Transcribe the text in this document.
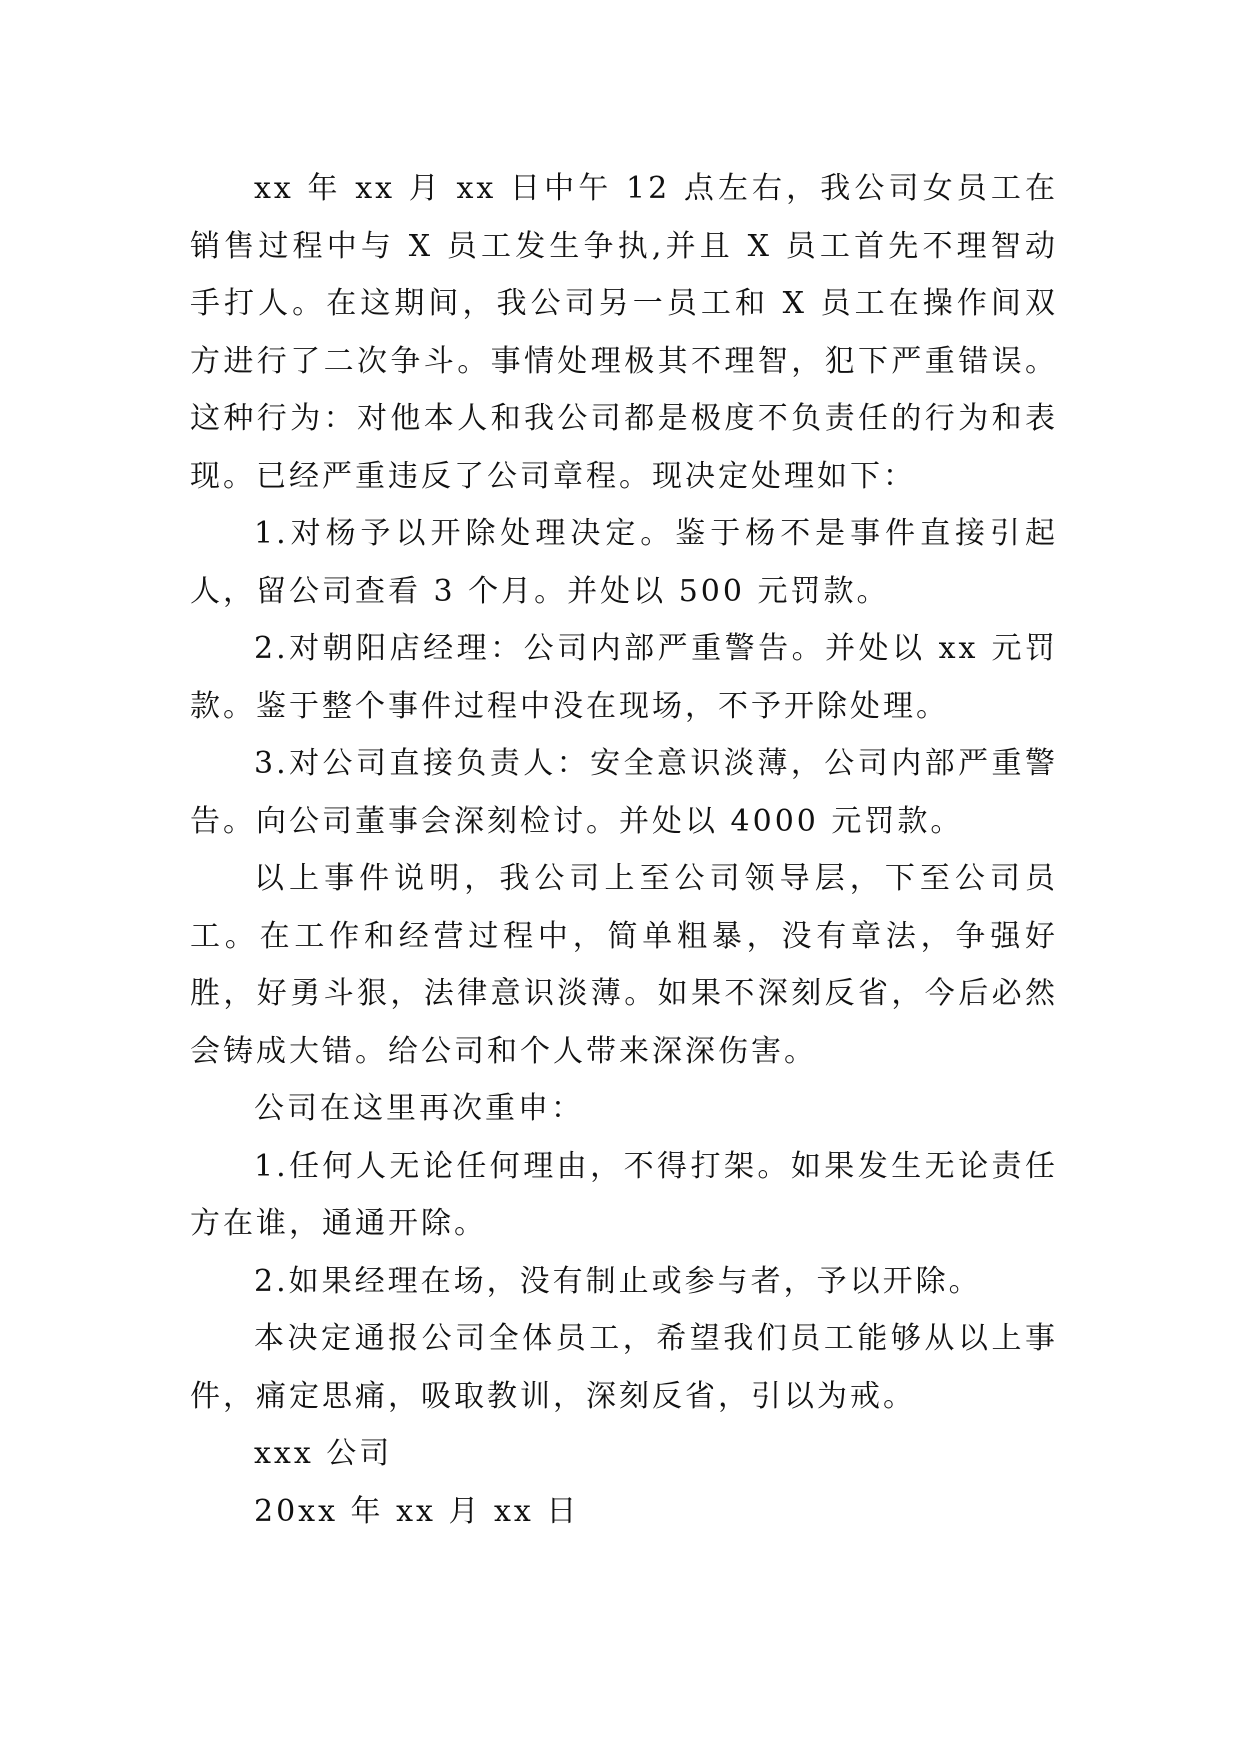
xx 年 xx 月 xx 日中午 12 点左右，我公司女员工在销售过程中与 X 员工发生争执,并且 X 员工首先不理智动手打人。在这期间，我公司另一员工和 X 员工在操作间双方进行了二次争斗。事情处理极其不理智，犯下严重错误。这种行为：对他本人和我公司都是极度不负责任的行为和表现。已经严重违反了公司章程。现决定处理如下：

1.对杨予以开除处理决定。鉴于杨不是事件直接引起人，留公司查看 3 个月。并处以 500 元罚款。

2.对朝阳店经理：公司内部严重警告。并处以 xx 元罚款。鉴于整个事件过程中没在现场，不予开除处理。

3.对公司直接负责人：安全意识淡薄，公司内部严重警告。向公司董事会深刻检讨。并处以 4000 元罚款。

以上事件说明，我公司上至公司领导层，下至公司员工。在工作和经营过程中，简单粗暴，没有章法，争强好胜，好勇斗狠，法律意识淡薄。如果不深刻反省，今后必然会铸成大错。给公司和个人带来深深伤害。

公司在这里再次重申：

1.任何人无论任何理由，不得打架。如果发生无论责任方在谁，通通开除。

2.如果经理在场，没有制止或参与者，予以开除。

本决定通报公司全体员工，希望我们员工能够从以上事件，痛定思痛，吸取教训，深刻反省，引以为戒。

xxx 公司

20xx 年 xx 月 xx 日
